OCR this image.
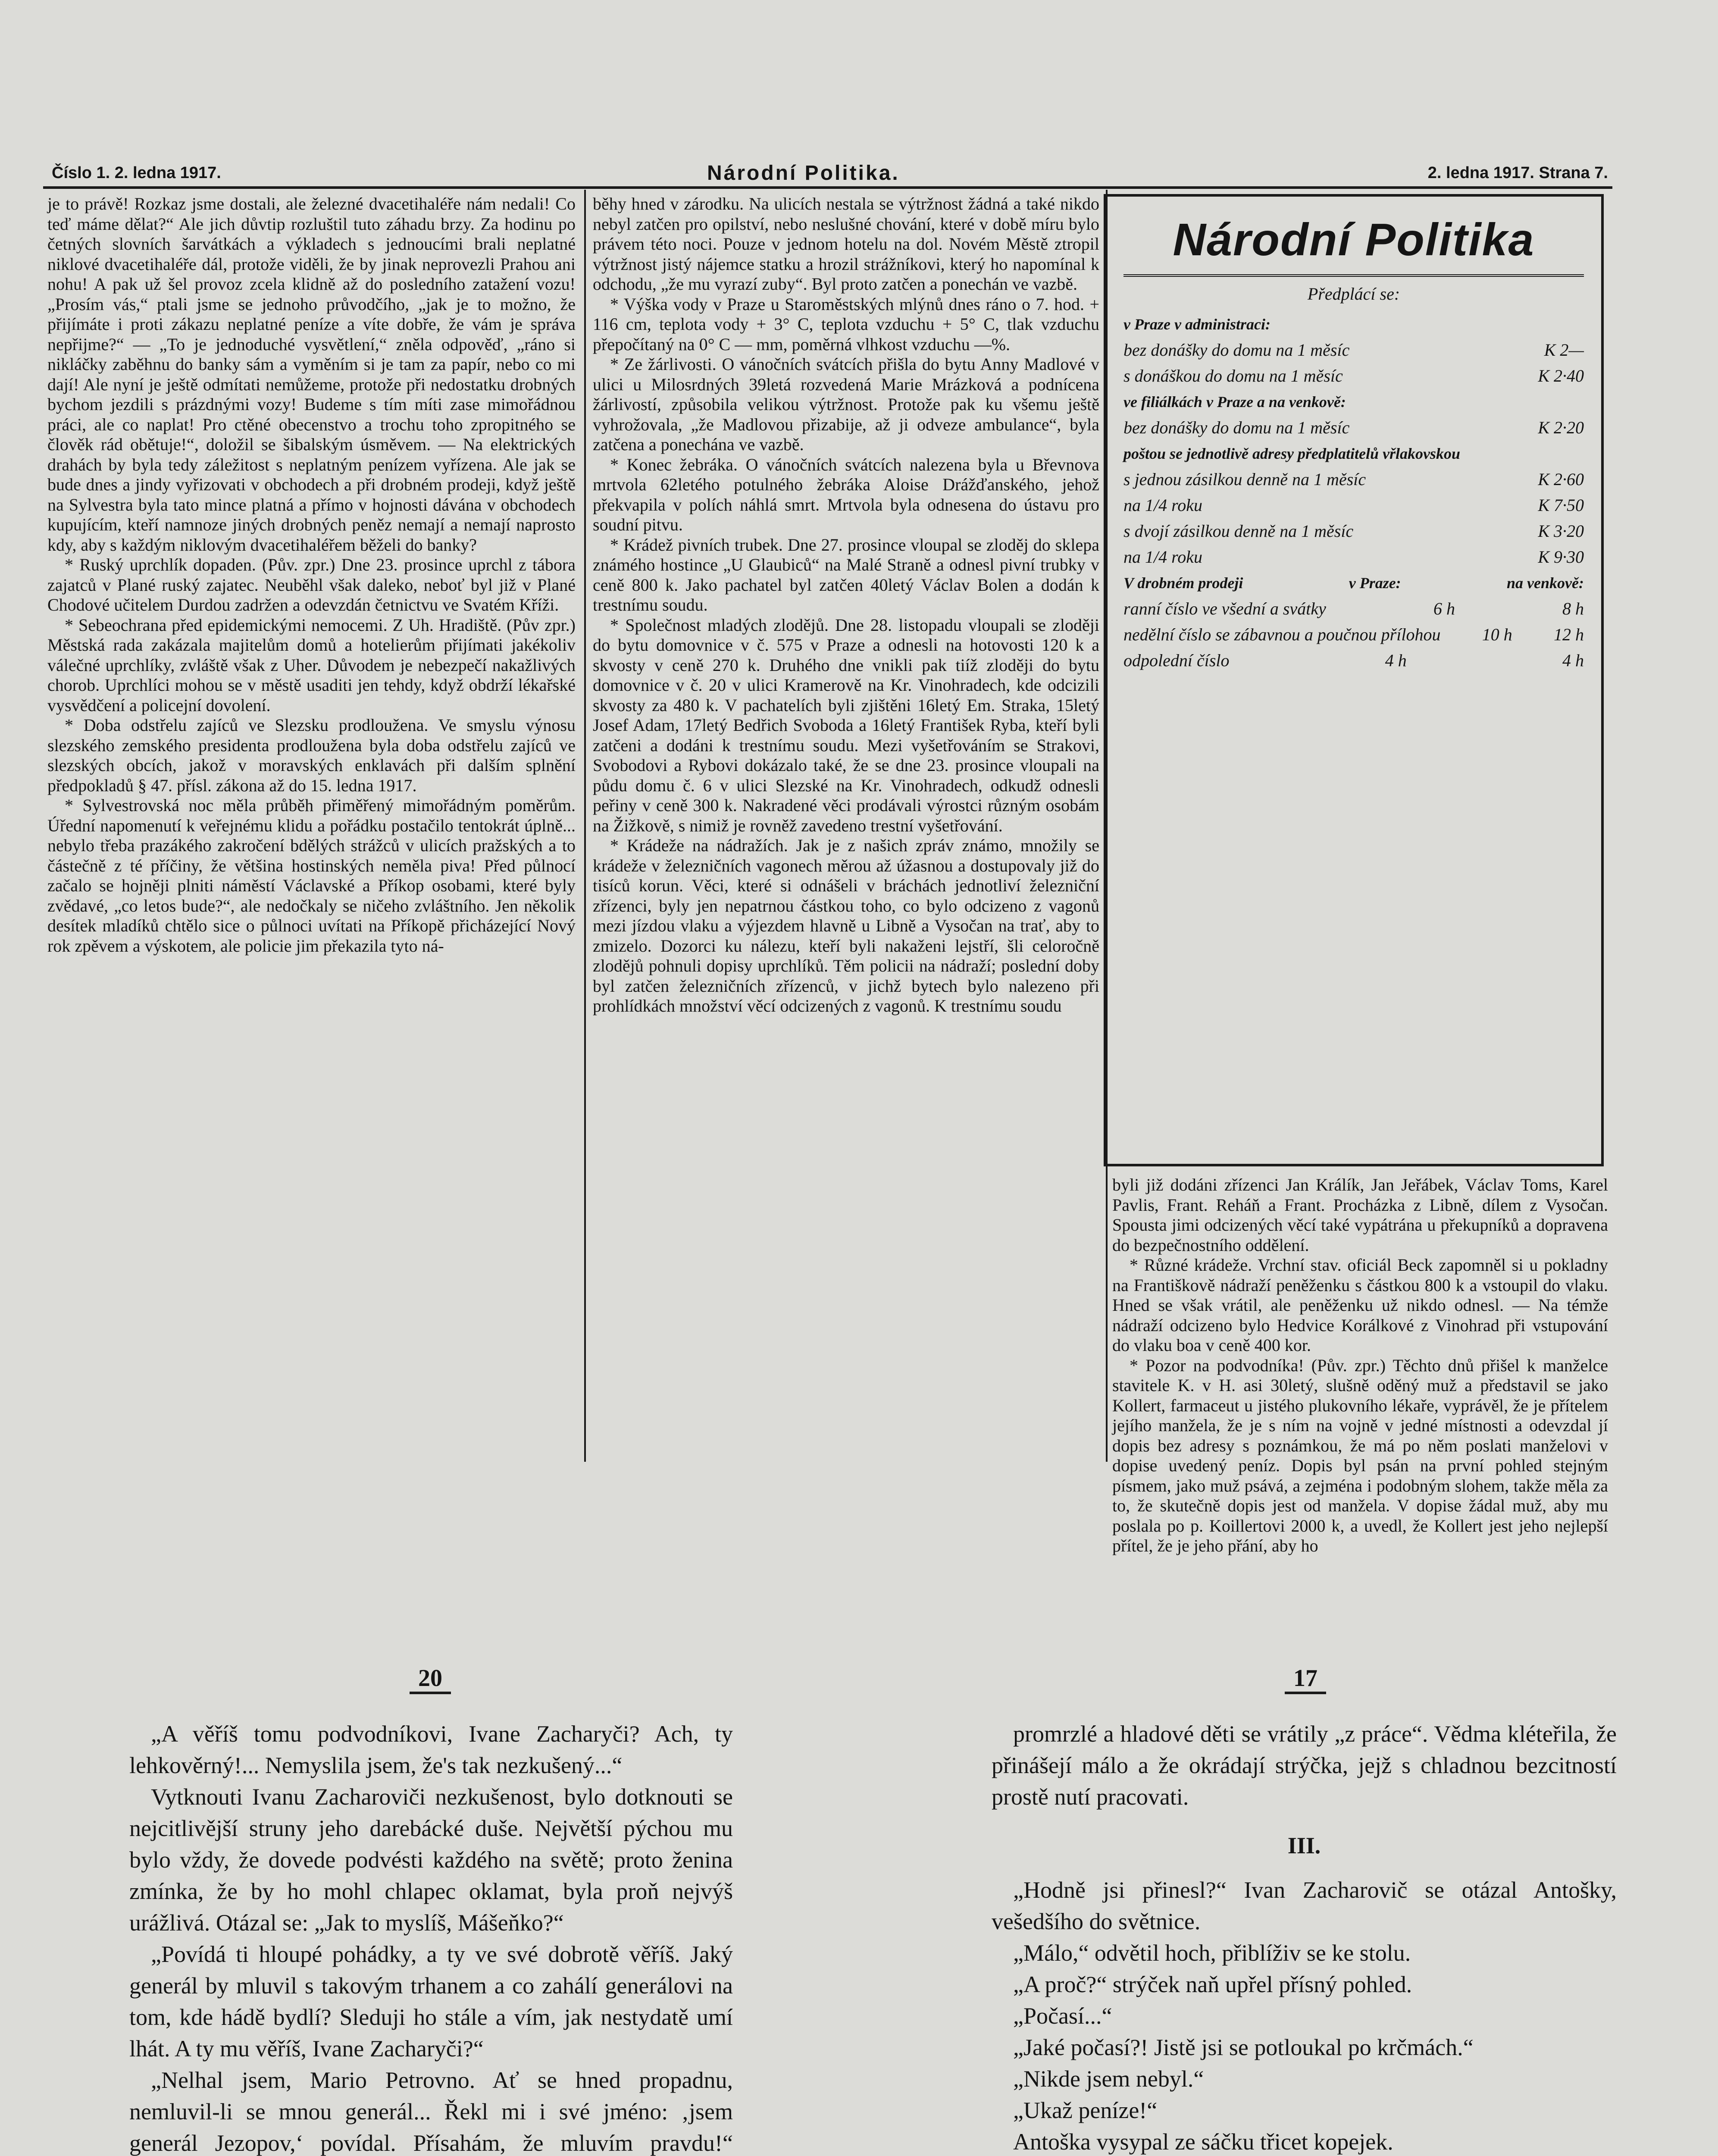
Číslo 1. 2. ledna 1917.	Národní Politika.	2. ledna 1917. Strana 7.

je to právě! Rozkaz jsme dostali, ale železné dvacetihaléře nám nedali! Co teď máme dělat?“ Ale jich důvtip rozluštil tuto záhadu brzy. Za hodinu po četných slovních šarvátkách a výkladech s jednoucími brali neplatné niklové dvacetihaléře dál, protože viděli, že by jinak neprovezli Prahou ani nohu! A pak už šel provoz zcela klidně až do posledního zatažení vozu! „Prosím vás,“ ptali jsme se jednoho průvodčího, „jak je to možno, že přijímáte i proti zákazu neplatné peníze a víte dobře, že vám je správa nepřijme?“ — „To je jednoduché vysvětlení,“ zněla odpověď, „ráno si nikláčky zaběhnu do banky sám a vyměním si je tam za papír, nebo co mi dají! Ale nyní je ještě odmítati nemůžeme, protože při nedostatku drobných bychom jezdili s prázdnými vozy! Budeme s tím míti zase mimořádnou práci, ale co naplat! Pro ctěné obecenstvo a trochu toho zpropitného se člověk rád obětuje!“, doložil se šibalským úsměvem. — Na elektrických drahách by byla tedy záležitost s neplatným penízem vyřízena. Ale jak se bude dnes a jindy vyřizovati v obchodech a při drobném prodeji, když ještě na Sylvestra byla tato mince platná a přímo v hojnosti dávána v obchodech kupujícím, kteří namnoze jiných drobných peněz nemají a nemají naprosto kdy, aby s každým niklovým dvacetihaléřem běželi do banky?

* Ruský uprchlík dopaden. (Pův. zpr.) Dne 23. prosince uprchl z tábora zajatců v Plané ruský zajatec. Neuběhl však daleko, neboť byl již v Plané Chodové učitelem Durdou zadržen a odevzdán četnictvu ve Svatém Kříži.

* Sebeochrana před epidemickými nemocemi. Z Uh. Hradiště. (Pův zpr.) Městská rada zakázala majitelům domů a hotelierům přijímati jakékoliv válečné uprchlíky, zvláště však z Uher. Důvodem je nebezpečí nakažlivých chorob. Uprchlíci mohou se v městě usaditi jen tehdy, když obdrží lékařské vysvědčení a policejní dovolení.

* Doba odstřelu zajíců ve Slezsku prodloužena. Ve smyslu výnosu slezského zemského presidenta prodloužena byla doba odstřelu zajíců ve slezských obcích, jakož v moravských enklavách při dalším splnění předpokladů § 47. přísl. zákona až do 15. ledna 1917.

* Sylvestrovská noc měla průběh přiměřený mimořádným poměrům. Úřední napomenutí k veřejnému klidu a pořádku postačilo tentokrát úplně... nebylo třeba prazákého zakročení bdělých strážců v ulicích pražských a to částečně z té příčiny, že většina hostinských neměla piva! Před půlnocí začalo se hojněji plniti náměstí Václavské a Příkop osobami, které byly zvědavé, „co letos bude?“, ale nedočkaly se ničeho zvláštního. Jen několik desítek mladíků chtělo sice o půlnoci uvítati na Příkopě přicházející Nový rok zpěvem a výskotem, ale policie jim překazila tyto ná-

běhy hned v zárodku. Na ulicích nestala se výtržnost žádná a také nikdo nebyl zatčen pro opilství, nebo neslušné chování, které v době míru bylo právem této noci. Pouze v jednom hotelu na dol. Novém Městě ztropil výtržnost jistý nájemce statku a hrozil strážníkovi, který ho napomínal k odchodu, „že mu vyrazí zuby“. Byl proto zatčen a ponechán ve vazbě.

* Výška vody v Praze u Staroměstských mlýnů dnes ráno o 7. hod. + 116 cm, teplota vody + 3° C, teplota vzduchu + 5° C, tlak vzduchu přepočítaný na 0° C — mm, poměrná vlhkost vzduchu —%.

* Ze žárlivosti. O vánočních svátcích přišla do bytu Anny Madlové v ulici u Milosrdných 39letá rozvedená Marie Mrázková a podnícena žárlivostí, způsobila velikou výtržnost. Protože pak ku všemu ještě vyhrožovala, „že Madlovou přizabije, až ji odveze ambulance“, byla zatčena a ponechána ve vazbě.

* Konec žebráka. O vánočních svátcích nalezena byla u Břevnova mrtvola 62letého potulného žebráka Aloise Drážďanského, jehož překvapila v polích náhlá smrt. Mrtvola byla odnesena do ústavu pro soudní pitvu.

* Krádež pivních trubek. Dne 27. prosince vloupal se zloděj do sklepa známého hostince „U Glaubiců“ na Malé Straně a odnesl pivní trubky v ceně 800 k. Jako pachatel byl zatčen 40letý Václav Bolen a dodán k trestnímu soudu.

* Společnost mladých zlodějů. Dne 28. listopadu vloupali se zloději do bytu domovnice v č. 575 v Praze a odnesli na hotovosti 120 k a skvosty v ceně 270 k. Druhého dne vnikli pak tiíž zloději do bytu domovnice v č. 20 v ulici Kramerově na Kr. Vinohradech, kde odcizili skvosty za 480 k. V pachatelích byli zjištěni 16letý Em. Straka, 15letý Josef Adam, 17letý Bedřich Svoboda a 16letý František Ryba, kteří byli zatčeni a dodáni k trestnímu soudu. Mezi vyšetřováním se Strakovi, Svobodovi a Rybovi dokázalo také, že se dne 23. prosince vloupali na půdu domu č. 6 v ulici Slezské na Kr. Vinohradech, odkudž odnesli peřiny v ceně 300 k. Nakradené věci prodávali výrostci různým osobám na Žižkově, s nimiž je rovněž zavedeno trestní vyšetřování.

* Krádeže na nádražích. Jak je z našich zpráv známo, množily se krádeže v železničních vagonech měrou až úžasnou a dostupovaly již do tisíců korun. Věci, které si odnášeli v bráchách jednotliví železniční zřízenci, byly jen nepatrnou částkou toho, co bylo odcizeno z vagonů mezi jízdou vlaku a výjezdem hlavně u Libně a Vysočan na trať, aby to zmizelo. Dozorci ku nálezu, kteří byli nakaženi lejstří, šli celoročně zlodějů pohnuli dopisy uprchlíků. Těm policii na nádraží; poslední doby byl zatčen železničních zřízenců, v jichž bytech bylo nalezeno při prohlídkách množství věcí odcizených z vagonů. K trestnímu soudu

Národní Politika
Předplácí se:
v Praze v administraci:
bez donášky do domu na 1 měsíc	K 2—
s donáškou do domu na 1 měsíc	K 2·40
ve filiálkách v Praze a na venkově:
bez donášky do domu na 1 měsíc	K 2·20
poštou se jednotlivě adresy předplatitelů vřlakovskou
s jednou zásilkou denně na 1 měsíc	K 2·60
na 1/4 roku	K 7·50
s dvojí zásilkou denně na 1 měsíc	K 3·20
na 1/4 roku	K 9·30
V drobném prodeji	v Praze:	na venkově:
ranní číslo ve všední a svátky	6 h	8 h
nedělní číslo se zábavnou a poučnou přílohou 10 h 12 h
odpolední číslo	4 h	4 h

byli již dodáni zřízenci Jan Králík, Jan Jeřábek, Václav Toms, Karel Pavlis, Frant. Reháň a Frant. Procházka z Libně, dílem z Vysočan. Spousta jimi odcizených věcí také vypátrána u překupníků a dopravena do bezpečnostního oddělení.

* Různé krádeže. Vrchní stav. oficiál Beck zapomněl si u pokladny na Františkově nádraží peněženku s částkou 800 k a vstoupil do vlaku. Hned se však vrátil, ale peněženku už nikdo odnesl. — Na témže nádraží odcizeno bylo Hedvice Korálkové z Vinohrad při vstupování do vlaku boa v ceně 400 kor.

* Pozor na podvodníka! (Pův. zpr.) Těchto dnů přišel k manželce stavitele K. v H. asi 30letý, slušně oděný muž a představil se jako Kollert, farmaceut u jistého plukovního lékaře, vyprávěl, že je přítelem jejího manžela, že je s ním na vojně v jedné místnosti a odevzdal jí dopis bez adresy s poznámkou, že má po něm poslati manželovi v dopise uvedený peníz. Dopis byl psán na první pohled stejným písmem, jako muž psává, a zejména i podobným slohem, takže měla za to, že skutečně dopis jest od manžela. V dopise žádal muž, aby mu poslala po p. Koillertovi 2000 k, a uvedl, že Kollert jest jeho nejlepší přítel, že je jeho přání, aby ho

20	17

„A věříš tomu podvodníkovi, Ivane Zacharyči? Ach, ty lehkověrný!... Nemyslila jsem, že's tak nezkušený...“

Vytknouti Ivanu Zacharoviči nezkušenost, bylo dotknouti se nejcitlivější struny jeho darebácké duše. Největší pýchou mu bylo vždy, že dovede podvésti každého na světě; proto ženina zmínka, že by ho mohl chlapec oklamat, byla proň nejvýš urážlivá. Otázal se: „Jak to myslíš, Mášeňko?“

„Povídá ti hloupé pohádky, a ty ve své dobrotě věříš. Jaký generál by mluvil s takovým trhanem a co zahálí generálovi na tom, kde hádě bydlí? Sleduji ho stále a vím, jak nestydatě umí lhát. A ty mu věříš, Ivane Zacharyči?“

„Nelhal jsem, Mario Petrovno. Ať se hned propadnu, nemluvil-li se mnou generál... Řekl mi i své jméno: ‚jsem generál Jezopov,‘ povídal. Přísahám, že mluvím pravdu!“

promrzlé a hladové děti se vrátily „z práce“. Vědma kléteřila, že přinášejí málo a že okrádají strýčka, jejž s chladnou bezcitností prostě nutí pracovati.

III.

„Hodně jsi přinesl?“ Ivan Zacharovič se otázal Antošky, vešedšího do světnice.

„Málo,“ odvětil hoch, přiblíživ se ke stolu.

„A proč?“ strýček naň upřel přísný pohled.

„Počasí...“

„Jaké počasí?! Jistě jsi se potloukal po krčmách.“

„Nikde jsem nebyl.“

„Ukaž peníze!“

Antoška vysypal ze sáčku třicet kopejek.
